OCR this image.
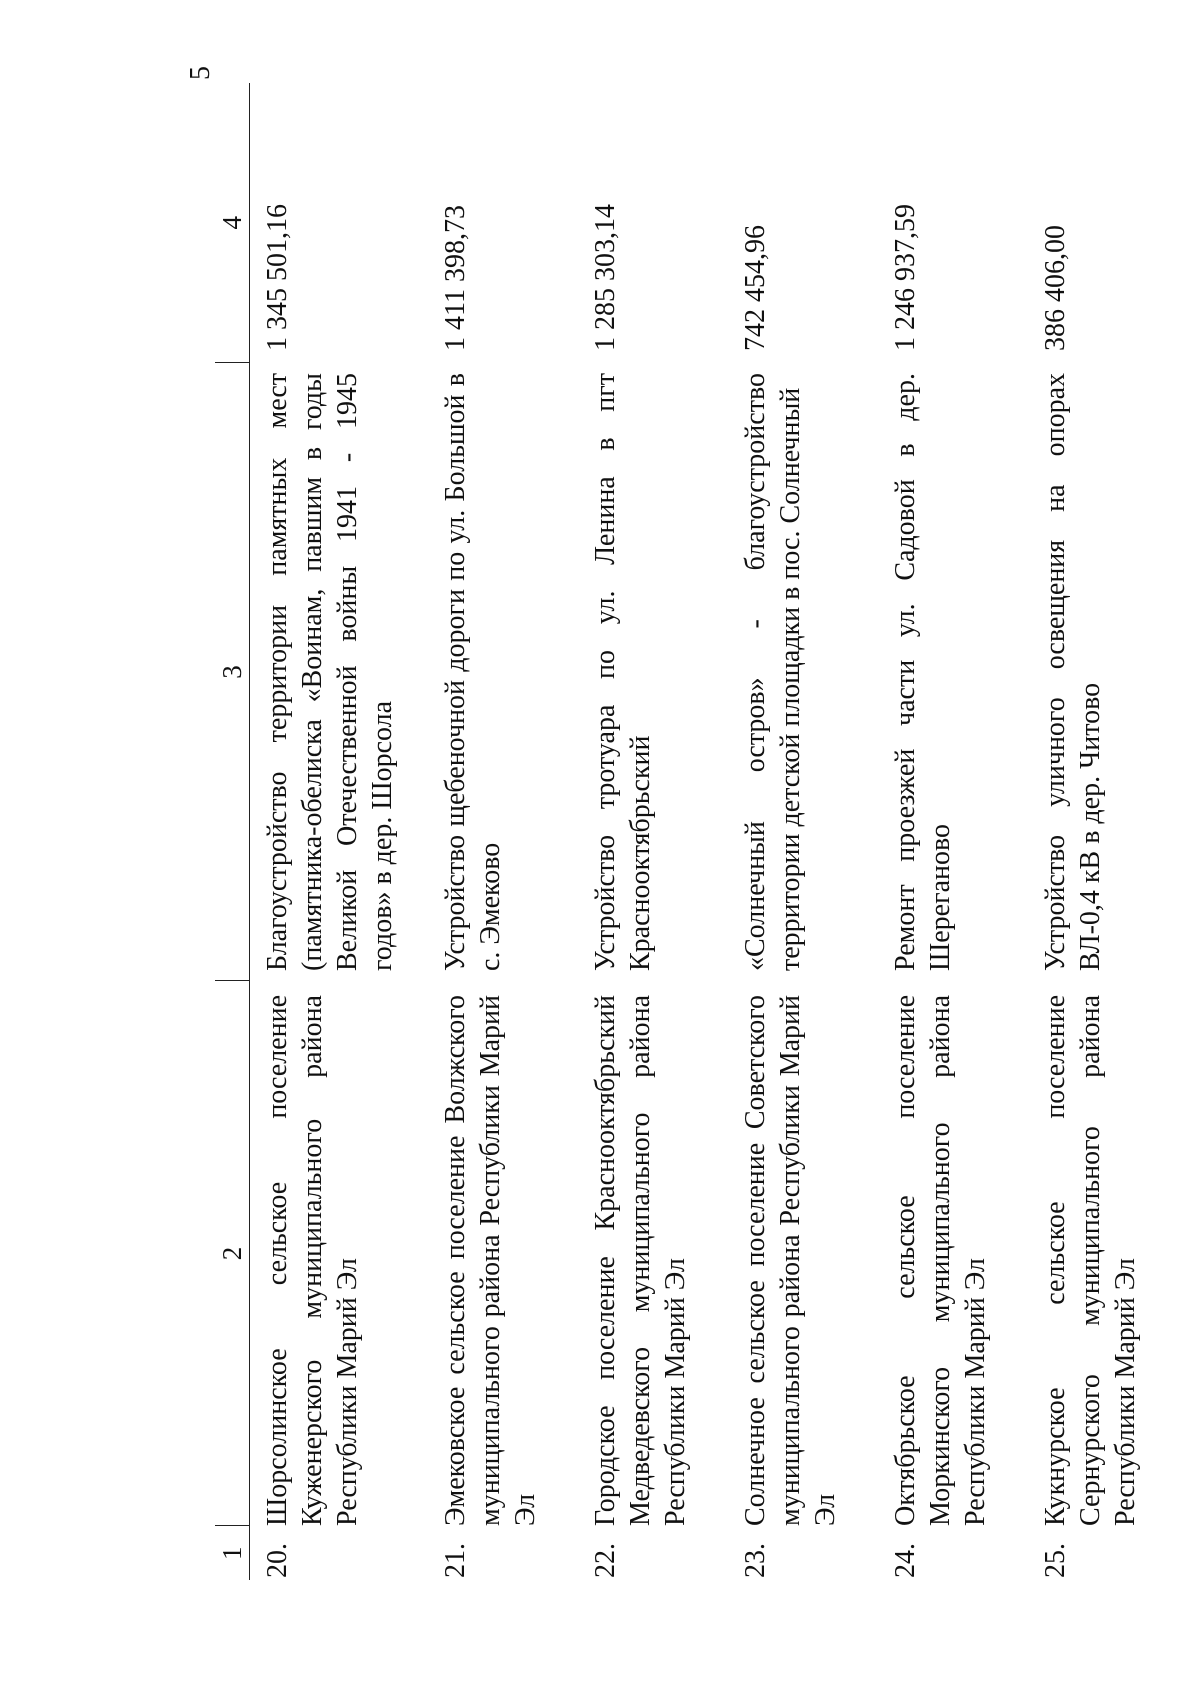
5
1	2	3	4
20.	Шорсолинское сельское поселение Куженерского муниципального района Республики Марий Эл	Благоустройство территории памятных мест (памятника-обелиска «Воинам, павшим в годы Великой Отечественной войны 1941 - 1945 годов» в дер. Шорсола	1 345 501,16
21.	Эмековское сельское поселение Волжского муниципального района Республики Марий Эл	Устройство щебеночной дороги по ул. Большой в с. Эмеково	1 411 398,73
22.	Городское поселение Краснооктябрьский Медведевского муниципального района Республики Марий Эл	Устройство тротуара по ул. Ленина в пгт Краснооктябрьский	1 285 303,14
23.	Солнечное сельское поселение Советского муниципального района Республики Марий Эл	«Солнечный остров» - благоустройство территории детской площадки в пос. Солнечный	742 454,96
24.	Октябрьское сельское поселение Моркинского муниципального района Республики Марий Эл	Ремонт проезжей части ул. Садовой в дер. Шереганово	1 246 937,59
25.	Кукнурское сельское поселение Сернурского муниципального района Республики Марий Эл	Устройство уличного освещения на опорах ВЛ-0,4 кВ в дер. Читово	386 406,00
